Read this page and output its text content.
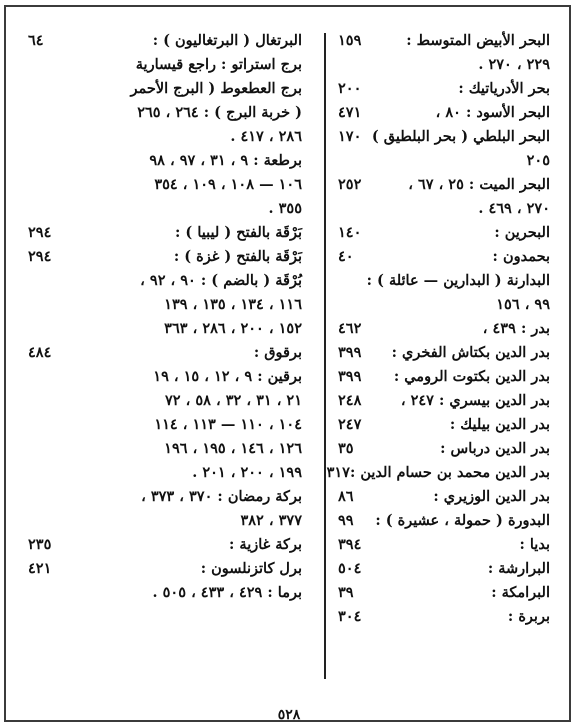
البحر الأبيض المتوسط :
١٥٩
٢٢٩ ، ٢٧٠ .
بحر الأدرياتيك :
٢٠٠
البحر الأسود : ٨٠ ،
٤٧١
البحر البلطي ( بحر البلطيق )
١٧٠
٢٠٥
البحر الميت : ٢٥ ، ٦٧ ،
٢٥٢
٢٧٠ ، ٤٦٩ .
البحرين :
١٤٠
بحمدون :
٤٠
البدارنة ( البدارين — عائلة ) :
٩٩ ، ١٥٦
بدر : ٤٣٩ ،
٤٦٢
بدر الدين بكتاش الفخري :
٣٩٩
بدر الدين بكتوت الرومي :
٣٩٩
بدر الدين بيسري : ٢٤٧ ،
٢٤٨
بدر الدين بيليك :
٢٤٧
بدر الدين درباس :
٣٥
بدر الدين محمد بن حسام الدين :
٣١٧
بدر الدين الوزيري :
٨٦
البدورة ( حمولة ، عشيرة ) :
٩٩
بديا :
٣٩٤
البرارشة :
٥٠٤
البرامكة :
٣٩
بربرة :
٣٠٤
البرتغال ( البرتغاليون ) :
٦٤
برج استراتو : راجع قيسارية
برج العطعوط ( البرج الأحمر
( خربة البرج ) : ٢٦٤ ، ٢٦٥
٢٨٦ ، ٤١٧ .
برطعة : ٩ ، ٣١ ، ٩٧ ، ٩٨
١٠٦ — ١٠٨ ، ١٠٩ ، ٣٥٤
٣٥٥ .
بَرْقَة بالفتح ( ليبيا ) :
٢٩٤
بَرْقَة بالفتح ( غزة ) :
٢٩٤
بُرْقَة ( بالضم ) : ٩٠ ، ٩٢ ،
١١٦ ، ١٣٤ ، ١٣٥ ، ١٣٩
١٥٢ ، ٢٠٠ ، ٢٨٦ ، ٣٦٣
برقوق :
٤٨٤
برقين : ٩ ، ١٢ ، ١٥ ، ١٩
٢١ ، ٣١ ، ٣٢ ، ٥٨ ، ٧٢
١٠٤ ، ١١٠ — ١١٣ ، ١١٤
١٢٦ ، ١٤٦ ، ١٩٥ ، ١٩٦
١٩٩ ، ٢٠٠ ، ٢٠١ .
بركة رمضان : ٣٧٠ ، ٣٧٣ ،
٣٧٧ ، ٣٨٢
بركة غازية :
٢٣٥
برل كاتزنلسون :
٤٢١
برما : ٤٢٩ ، ٤٣٣ ، ٥٠٥ .
٥٢٨
